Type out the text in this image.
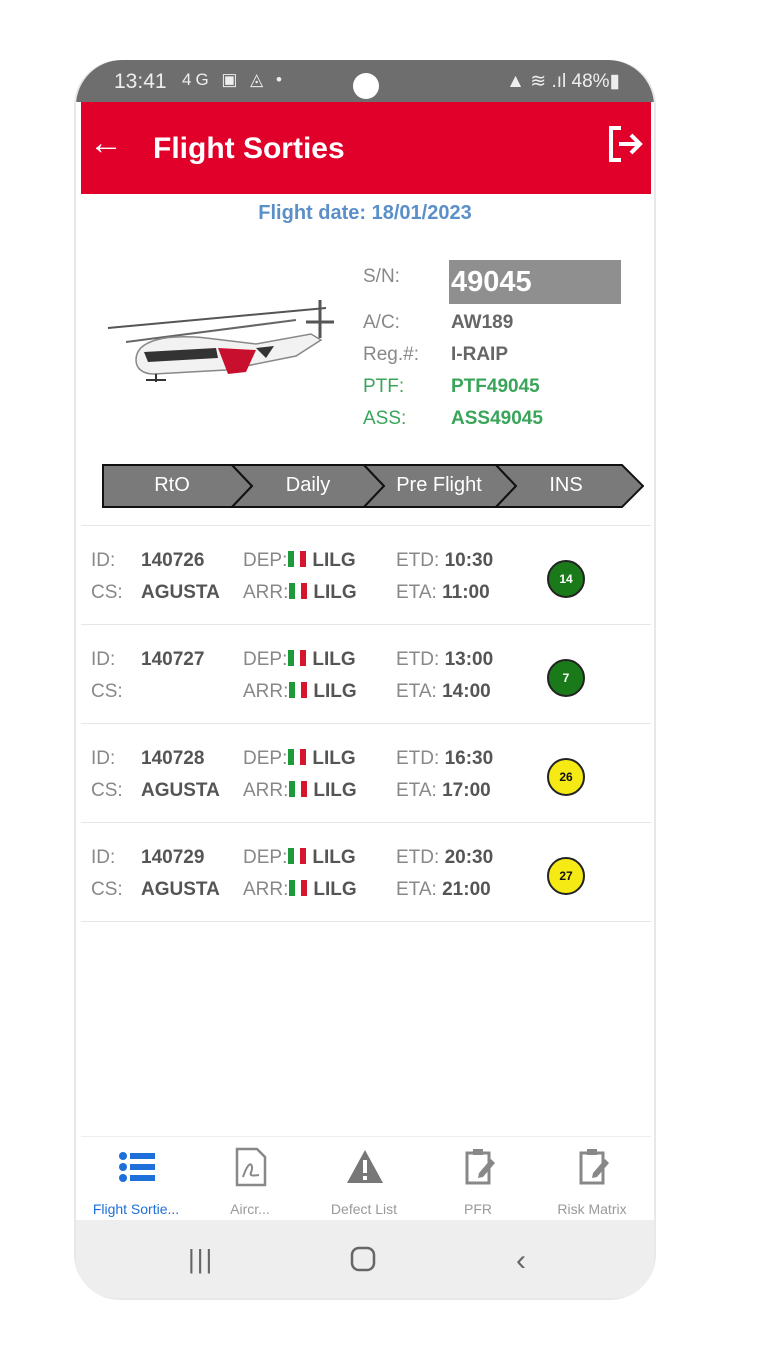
13:41 4G ▣ ◬ •	▲ ≋ .ıl 48%▮
← Flight Sorties
Flight date: 18/01/2023
S/N:	49045
A/C:	AW189
Reg.#:	I-RAIP
PTF:	PTF49045
ASS:	ASS49045
RtO	Daily	Pre Flight	INS
ID: 140726 DEP: LILG ETD: 10:30
CS: AGUSTA ARR: LILG ETA: 11:00
14
ID: 140727 DEP: LILG ETD: 13:00
CS:	ARR: LILG ETA: 14:00
7
ID: 140728 DEP: LILG ETD: 16:30
CS: AGUSTA ARR: LILG ETA: 17:00
26
ID: 140729 DEP: LILG ETD: 20:30
CS: AGUSTA ARR: LILG ETA: 21:00
27
Flight Sortie...	Aircr...	Defect List	PFR	Risk Matrix
|||	‹
